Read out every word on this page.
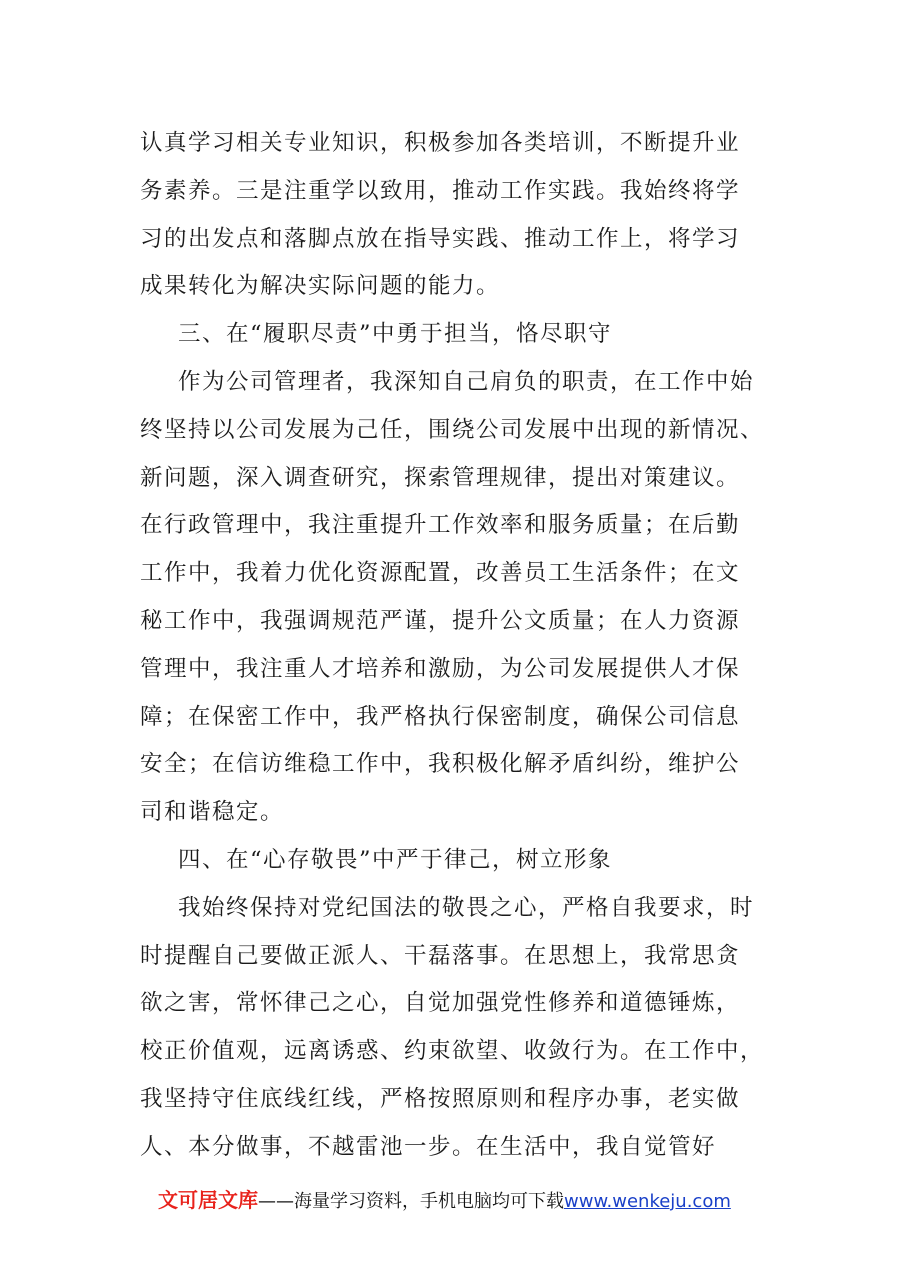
认真学习相关专业知识，积极参加各类培训，不断提升业
务素养。三是注重学以致用，推动工作实践。我始终将学
习的出发点和落脚点放在指导实践、推动工作上，将学习
成果转化为解决实际问题的能力。
三、在“履职尽责”中勇于担当，恪尽职守
作为公司管理者，我深知自己肩负的职责，在工作中始
终坚持以公司发展为己任，围绕公司发展中出现的新情况、
新问题，深入调查研究，探索管理规律，提出对策建议。
在行政管理中，我注重提升工作效率和服务质量；在后勤
工作中，我着力优化资源配置，改善员工生活条件；在文
秘工作中，我强调规范严谨，提升公文质量；在人力资源
管理中，我注重人才培养和激励，为公司发展提供人才保
障；在保密工作中，我严格执行保密制度，确保公司信息
安全；在信访维稳工作中，我积极化解矛盾纠纷，维护公
司和谐稳定。
四、在“心存敬畏”中严于律己，树立形象
我始终保持对党纪国法的敬畏之心，严格自我要求，时
时提醒自己要做正派人、干磊落事。在思想上，我常思贪
欲之害，常怀律己之心，自觉加强党性修养和道德锤炼，
校正价值观，远离诱惑、约束欲望、收敛行为。在工作中，
我坚持守住底线红线，严格按照原则和程序办事，老实做
人、本分做事，不越雷池一步。在生活中，我自觉管好
文可居文库——海量学习资料，手机电脑均可下载www.wenkeju.com
